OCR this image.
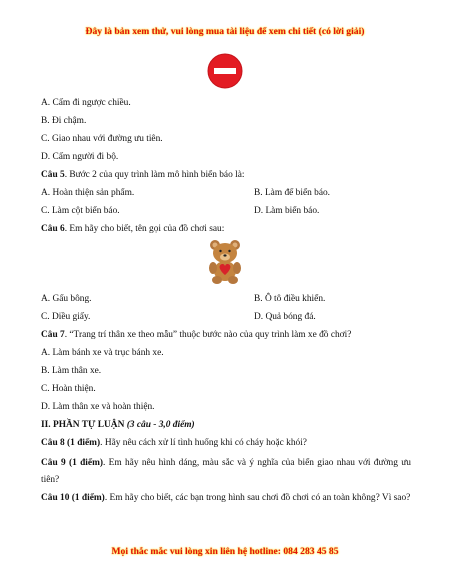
Đây là bản xem thử, vui lòng mua tài liệu để xem chi tiết (có lời giải)
A. Cấm đi ngược chiều.
B. Đi chậm.
C. Giao nhau với đường ưu tiên.
D. Cấm người đi bộ.
Câu 5. Bước 2 của quy trình làm mô hình biển báo là:
A. Hoàn thiện sản phẩm.	B. Làm đế biển báo.
C. Làm cột biển báo.	D. Làm biển báo.
Câu 6. Em hãy cho biết, tên gọi của đồ chơi sau:
A. Gấu bông.	B. Ô tô điều khiển.
C. Diều giấy.	D. Quả bóng đá.
Câu 7. “Trang trí thân xe theo mẫu” thuộc bước nào của quy trình làm xe đồ chơi?
A. Làm bánh xe và trục bánh xe.
B. Làm thân xe.
C. Hoàn thiện.
D. Làm thân xe và hoàn thiện.
II. PHẦN TỰ LUẬN (3 câu - 3,0 điểm)
Câu 8 (1 điểm). Hãy nêu cách xử lí tình huống khi có cháy hoặc khói?
Câu 9 (1 điểm). Em hãy nêu hình dáng, màu sắc và ý nghĩa của biển giao nhau với đường ưu tiên?
Câu 10 (1 điểm). Em hãy cho biết, các bạn trong hình sau chơi đồ chơi có an toàn không? Vì sao?
Mọi thắc mắc vui lòng xin liên hệ hotline: 084 283 45 85
